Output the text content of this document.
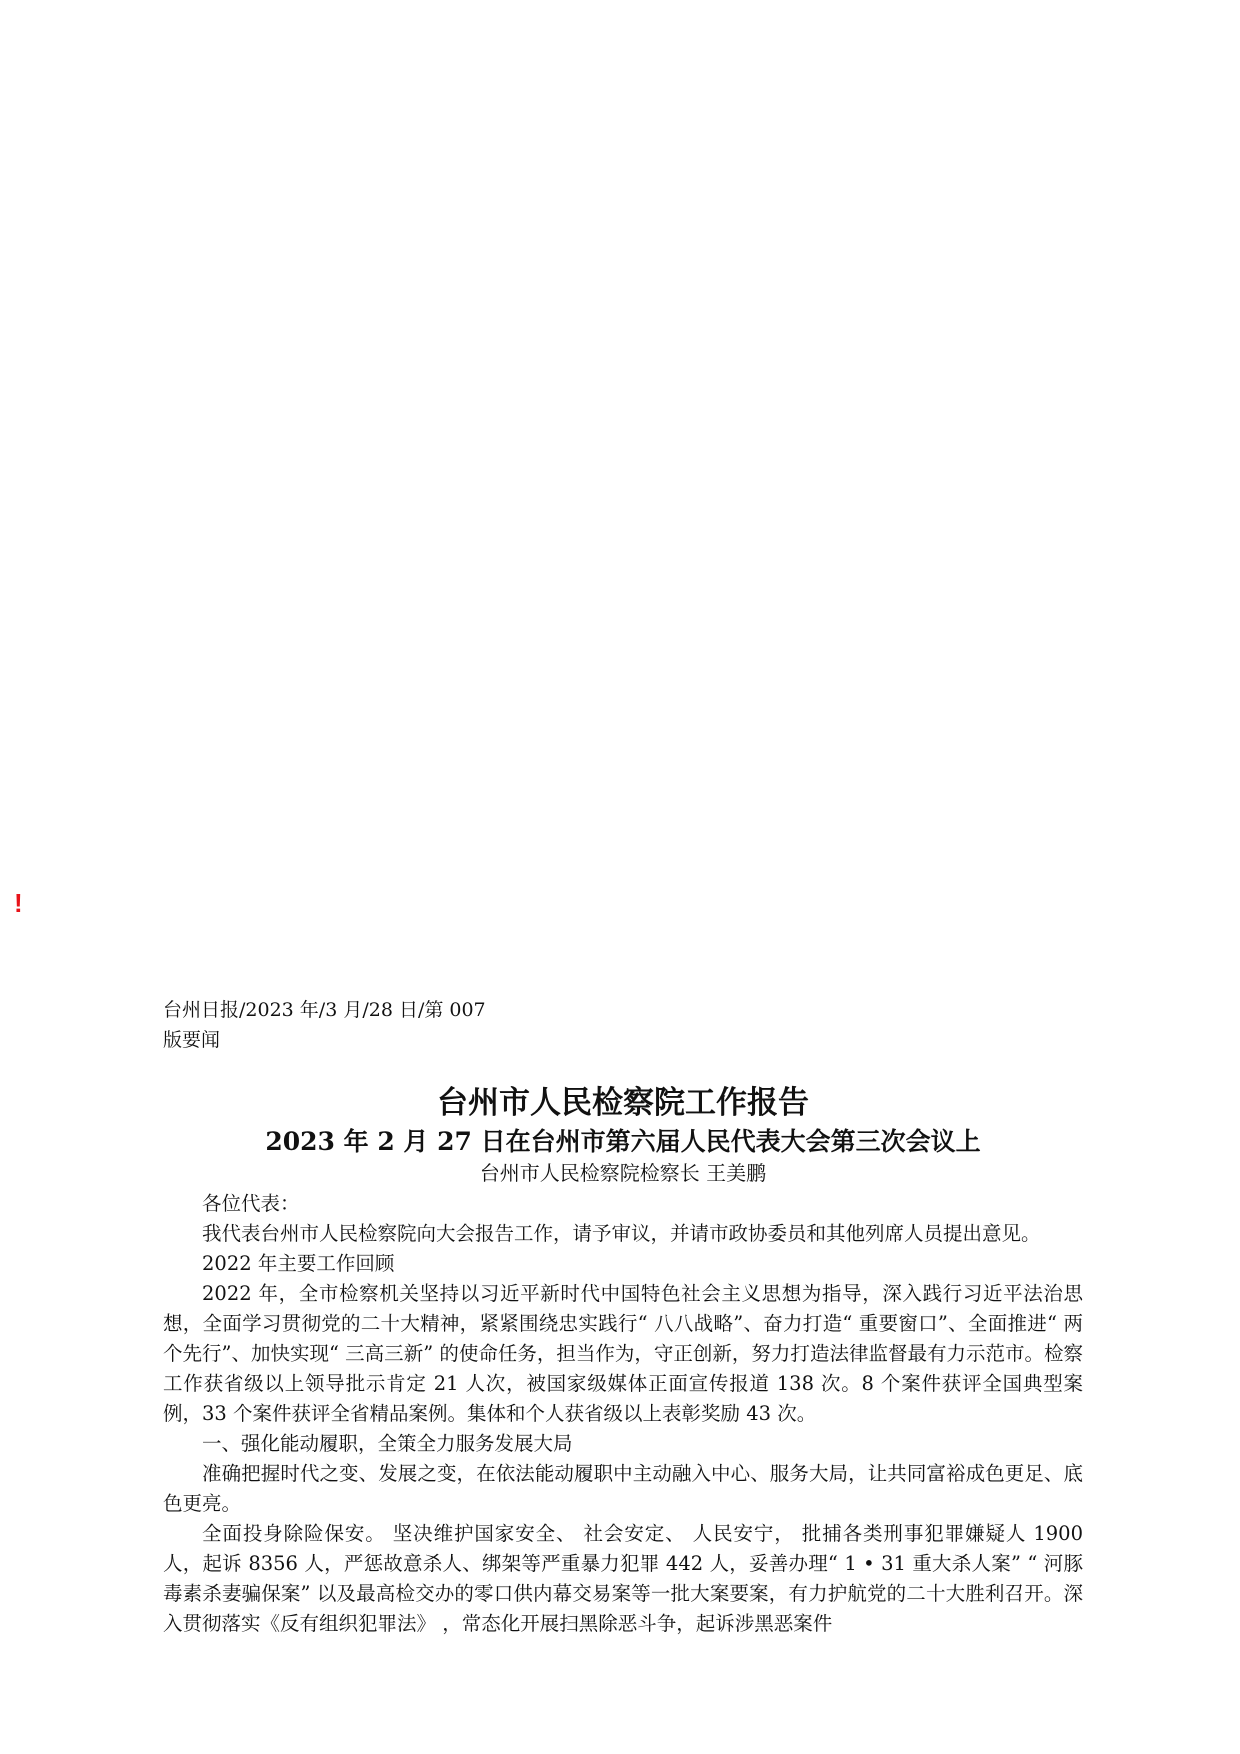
!
台州日报/2023 年/3 月/28 日/第 007
版要闻
台州市人民检察院工作报告
2023 年 2 月 27 日在台州市第六届人民代表大会第三次会议上
台州市人民检察院检察长 王美鹏

各位代表：

我代表台州市人民检察院向大会报告工作，请予审议，并请市政协委员和其他列席人员提出意见。

2022 年主要工作回顾

2022 年，全市检察机关坚持以习近平新时代中国特色社会主义思想为指导，深入践行习近平法治思想，全面学习贯彻党的二十大精神，紧紧围绕忠实践行“ 八八战略”、奋力打造“ 重要窗口”、全面推进“ 两个先行”、加快实现“ 三高三新” 的使命任务，担当作为，守正创新，努力打造法律监督最有力示范市。检察工作获省级以上领导批示肯定 21 人次，被国家级媒体正面宣传报道 138 次。8 个案件获评全国典型案例，33 个案件获评全省精品案例。集体和个人获省级以上表彰奖励 43 次。

一、强化能动履职，全策全力服务发展大局

准确把握时代之变、发展之变，在依法能动履职中主动融入中心、服务大局，让共同富裕成色更足、底色更亮。

全面投身除险保安。 坚决维护国家安全、 社会安定、 人民安宁， 批捕各类刑事犯罪嫌疑人 1900 人，起诉 8356 人，严惩故意杀人、绑架等严重暴力犯罪 442 人，妥善办理“ 1 • 31 重大杀人案” “ 河豚毒素杀妻骗保案” 以及最高检交办的零口供内幕交易案等一批大案要案，有力护航党的二十大胜利召开。深入贯彻落实《反有组织犯罪法》 ，常态化开展扫黑除恶斗争，起诉涉黑恶案件
